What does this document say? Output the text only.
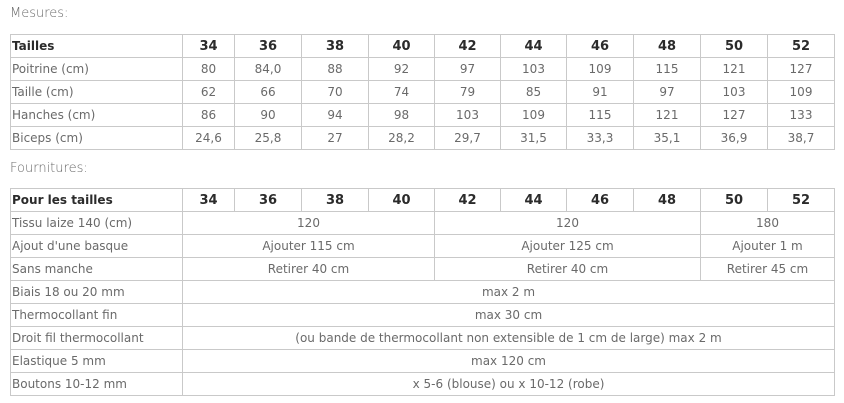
Mesures:
Tailles	34	36	38	40	42	44	46	48	50	52
Poitrine (cm)	80	84,0	88	92	97	103	109	115	121	127
Taille (cm)	62	66	70	74	79	85	91	97	103	109
Hanches (cm)	86	90	94	98	103	109	115	121	127	133
Biceps (cm)	24,6	25,8	27	28,2	29,7	31,5	33,3	35,1	36,9	38,7
Fournitures:
Pour les tailles	34	36	38	40	42	44	46	48	50	52
Tissu laize 140 (cm)	120				120				180	
Ajout d'une basque	Ajouter 115 cm				Ajouter 125 cm				Ajouter 1 m	
Sans manche	Retirer 40 cm				Retirer 40 cm				Retirer 45 cm	
Biais 18 ou 20 mm	max 2 m									
Thermocollant fin	max 30 cm									
Droit fil thermocollant	(ou bande de thermocollant non extensible de 1 cm de large) max 2 m									
Elastique 5 mm	max 120 cm									
Boutons 10-12 mm	x 5-6 (blouse) ou x 10-12 (robe)									
